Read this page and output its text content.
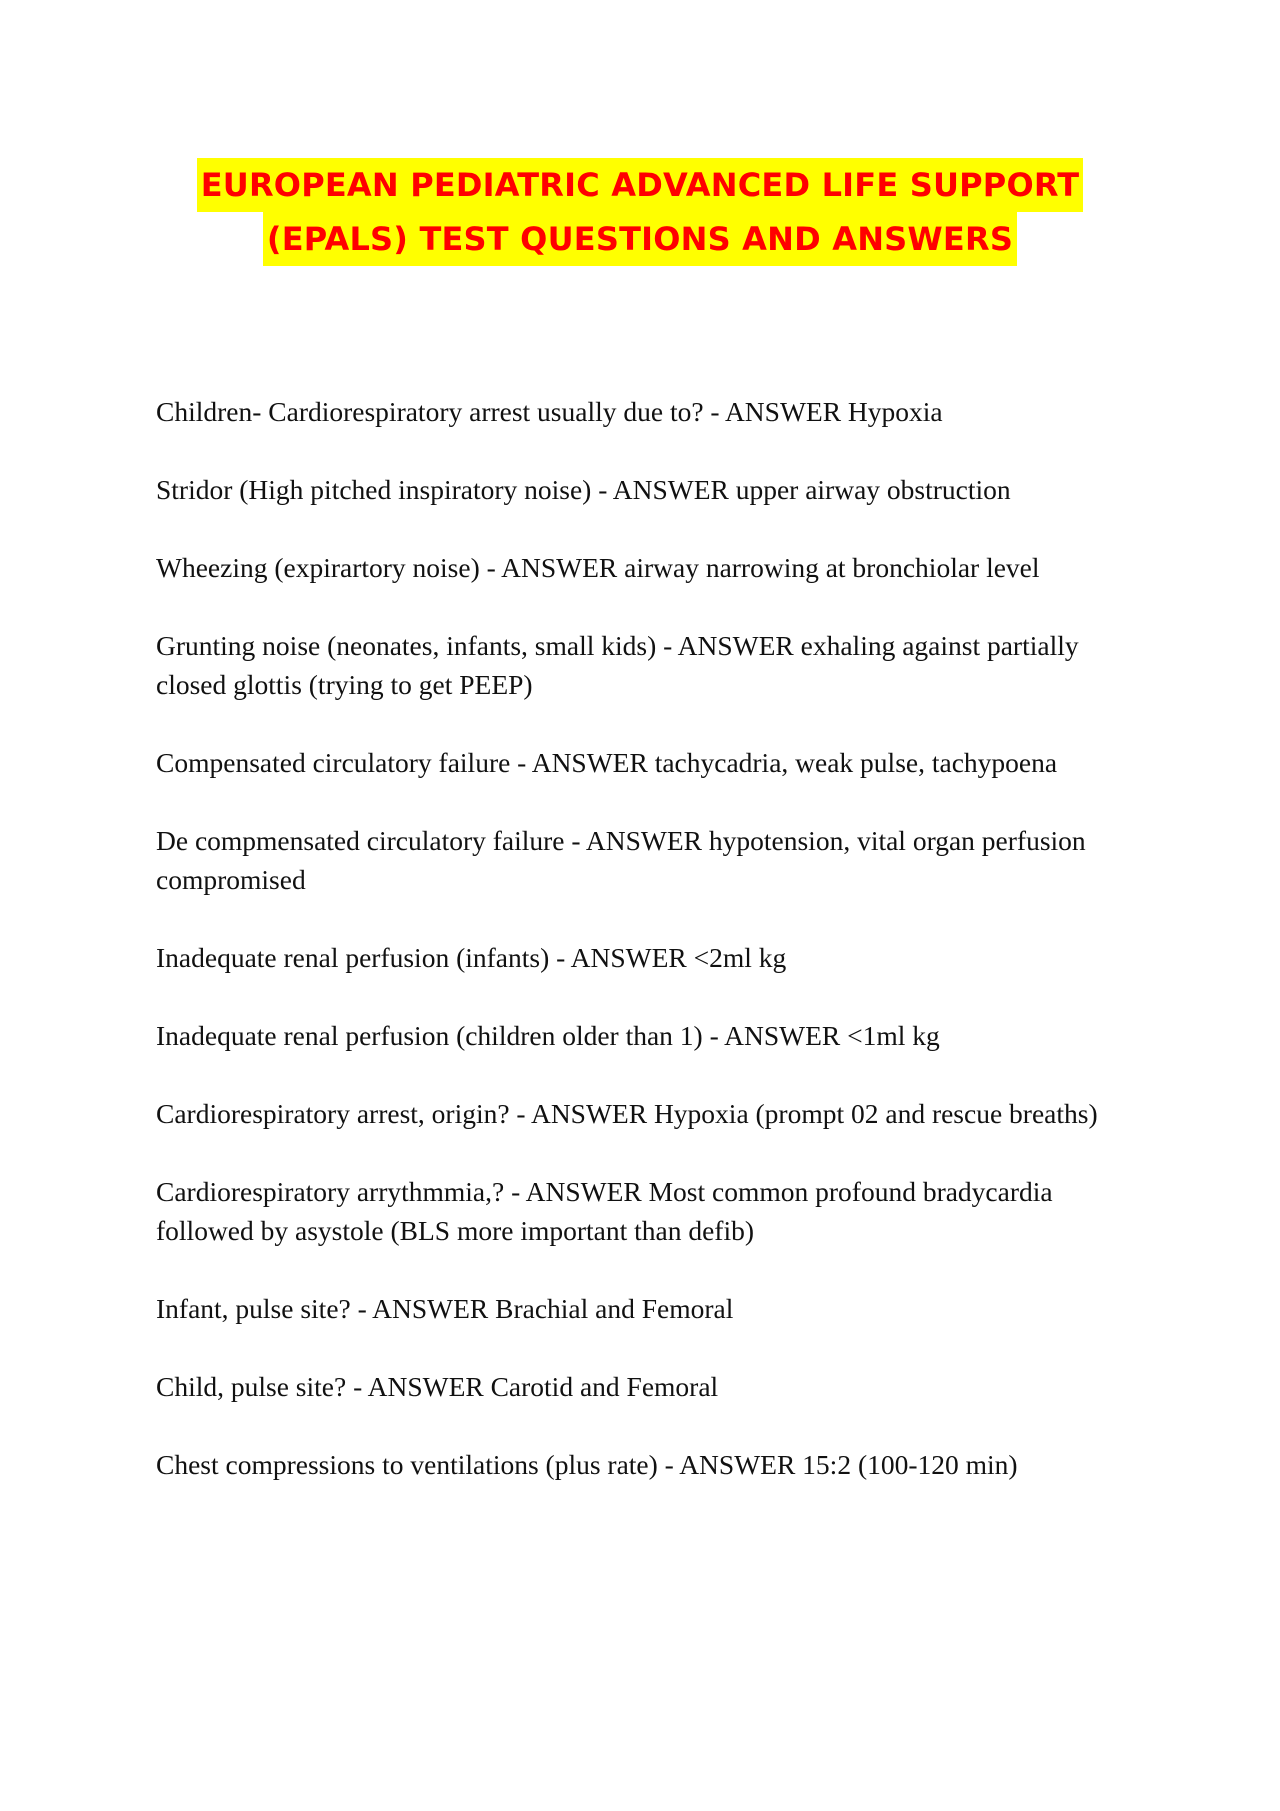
EUROPEAN PEDIATRIC ADVANCED LIFE SUPPORT
(EPALS) TEST QUESTIONS AND ANSWERS

Children- Cardiorespiratory arrest usually due to? - ANSWER Hypoxia

Stridor (High pitched inspiratory noise) - ANSWER upper airway obstruction

Wheezing (expirartory noise) - ANSWER airway narrowing at bronchiolar level

Grunting noise (neonates, infants, small kids) - ANSWER exhaling against partially closed glottis (trying to get PEEP)

Compensated circulatory failure - ANSWER tachycadria, weak pulse, tachypoena

De compmensated circulatory failure - ANSWER hypotension, vital organ perfusion compromised

Inadequate renal perfusion (infants) - ANSWER <2ml kg

Inadequate renal perfusion (children older than 1) - ANSWER <1ml kg

Cardiorespiratory arrest, origin? - ANSWER Hypoxia (prompt 02 and rescue breaths)

Cardiorespiratory arrythmmia,? - ANSWER Most common profound bradycardia followed by asystole (BLS more important than defib)

Infant, pulse site? - ANSWER Brachial and Femoral

Child, pulse site? - ANSWER Carotid and Femoral

Chest compressions to ventilations (plus rate) - ANSWER 15:2 (100-120 min)
